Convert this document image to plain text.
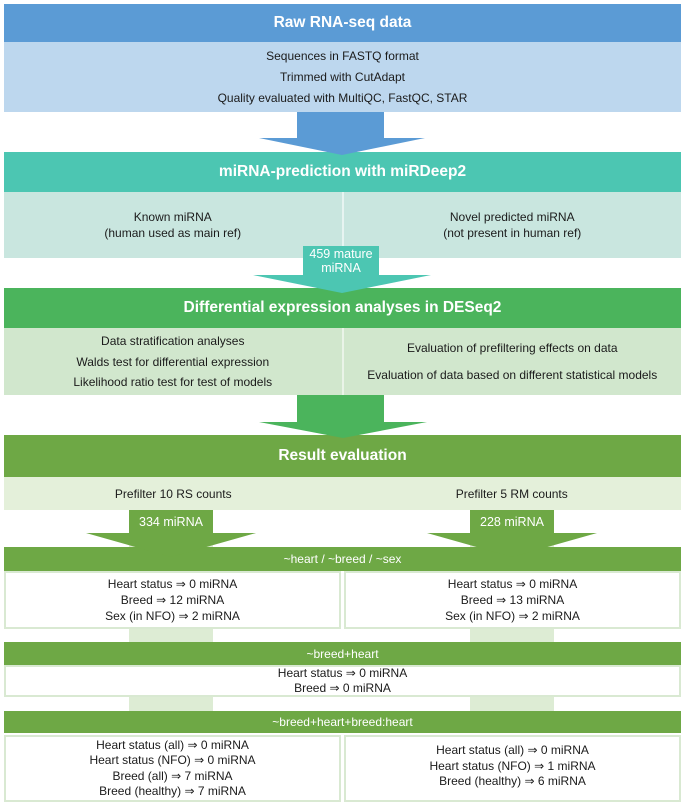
Raw RNA-seq data
Sequences in FASTQ format
Trimmed with CutAdapt
Quality evaluated with MultiQC, FastQC, STAR
miRNA-prediction with miRDeep2
Known miRNA
(human used as main ref)
Novel predicted miRNA
(not present in human ref)
459 mature
miRNA
Differential expression analyses in DESeq2
Data stratification analyses
Walds test for differential expression
Likelihood ratio test for test of models
Evaluation of prefiltering effects on data
Evaluation of data based on different statistical models
Result evaluation
Prefilter 10 RS counts	Prefilter 5 RM counts
334 miRNA	228 miRNA
~heart / ~breed / ~sex
Heart status ⇒ 0 miRNA
Breed ⇒ 12 miRNA
Sex (in NFO) ⇒ 2 miRNA
Heart status ⇒ 0 miRNA
Breed ⇒ 13 miRNA
Sex (in NFO) ⇒ 2 miRNA
~breed+heart
Heart status ⇒ 0 miRNA
Breed ⇒ 0 miRNA
~breed+heart+breed:heart
Heart status (all) ⇒ 0 miRNA
Heart status (NFO) ⇒ 0 miRNA
Breed (all) ⇒ 7 miRNA
Breed (healthy) ⇒ 7 miRNA
Heart status (all) ⇒ 0 miRNA
Heart status (NFO) ⇒ 1 miRNA
Breed (healthy) ⇒ 6 miRNA
